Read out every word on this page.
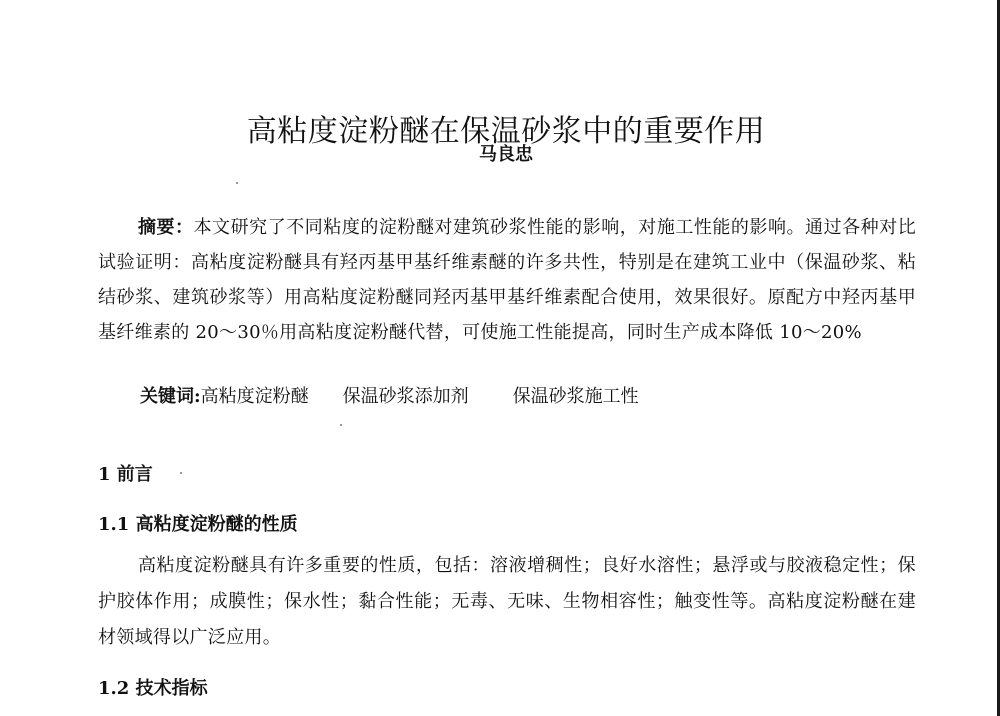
高粘度淀粉醚在保温砂浆中的重要作用
马良忠
摘要：本文研究了不同粘度的淀粉醚对建筑砂浆性能的影响，对施工性能的影响。通过各种对比试验证明：高粘度淀粉醚具有羟丙基甲基纤维素醚的许多共性，特别是在建筑工业中（保温砂浆、粘结砂浆、建筑砂浆等）用高粘度淀粉醚同羟丙基甲基纤维素配合使用，效果很好。原配方中羟丙基甲基纤维素的 20～30％用高粘度淀粉醚代替，可使施工性能提高，同时生产成本降低 10～20%
关键词:高粘度淀粉醚 保温砂浆添加剂 保温砂浆施工性
1 前言
1.1 高粘度淀粉醚的性质
高粘度淀粉醚具有许多重要的性质，包括：溶液增稠性；良好水溶性；悬浮或与胶液稳定性；保护胶体作用；成膜性；保水性；黏合性能；无毒、无味、生物相容性；触变性等。高粘度淀粉醚在建材领域得以广泛应用。
1.2 技术指标
